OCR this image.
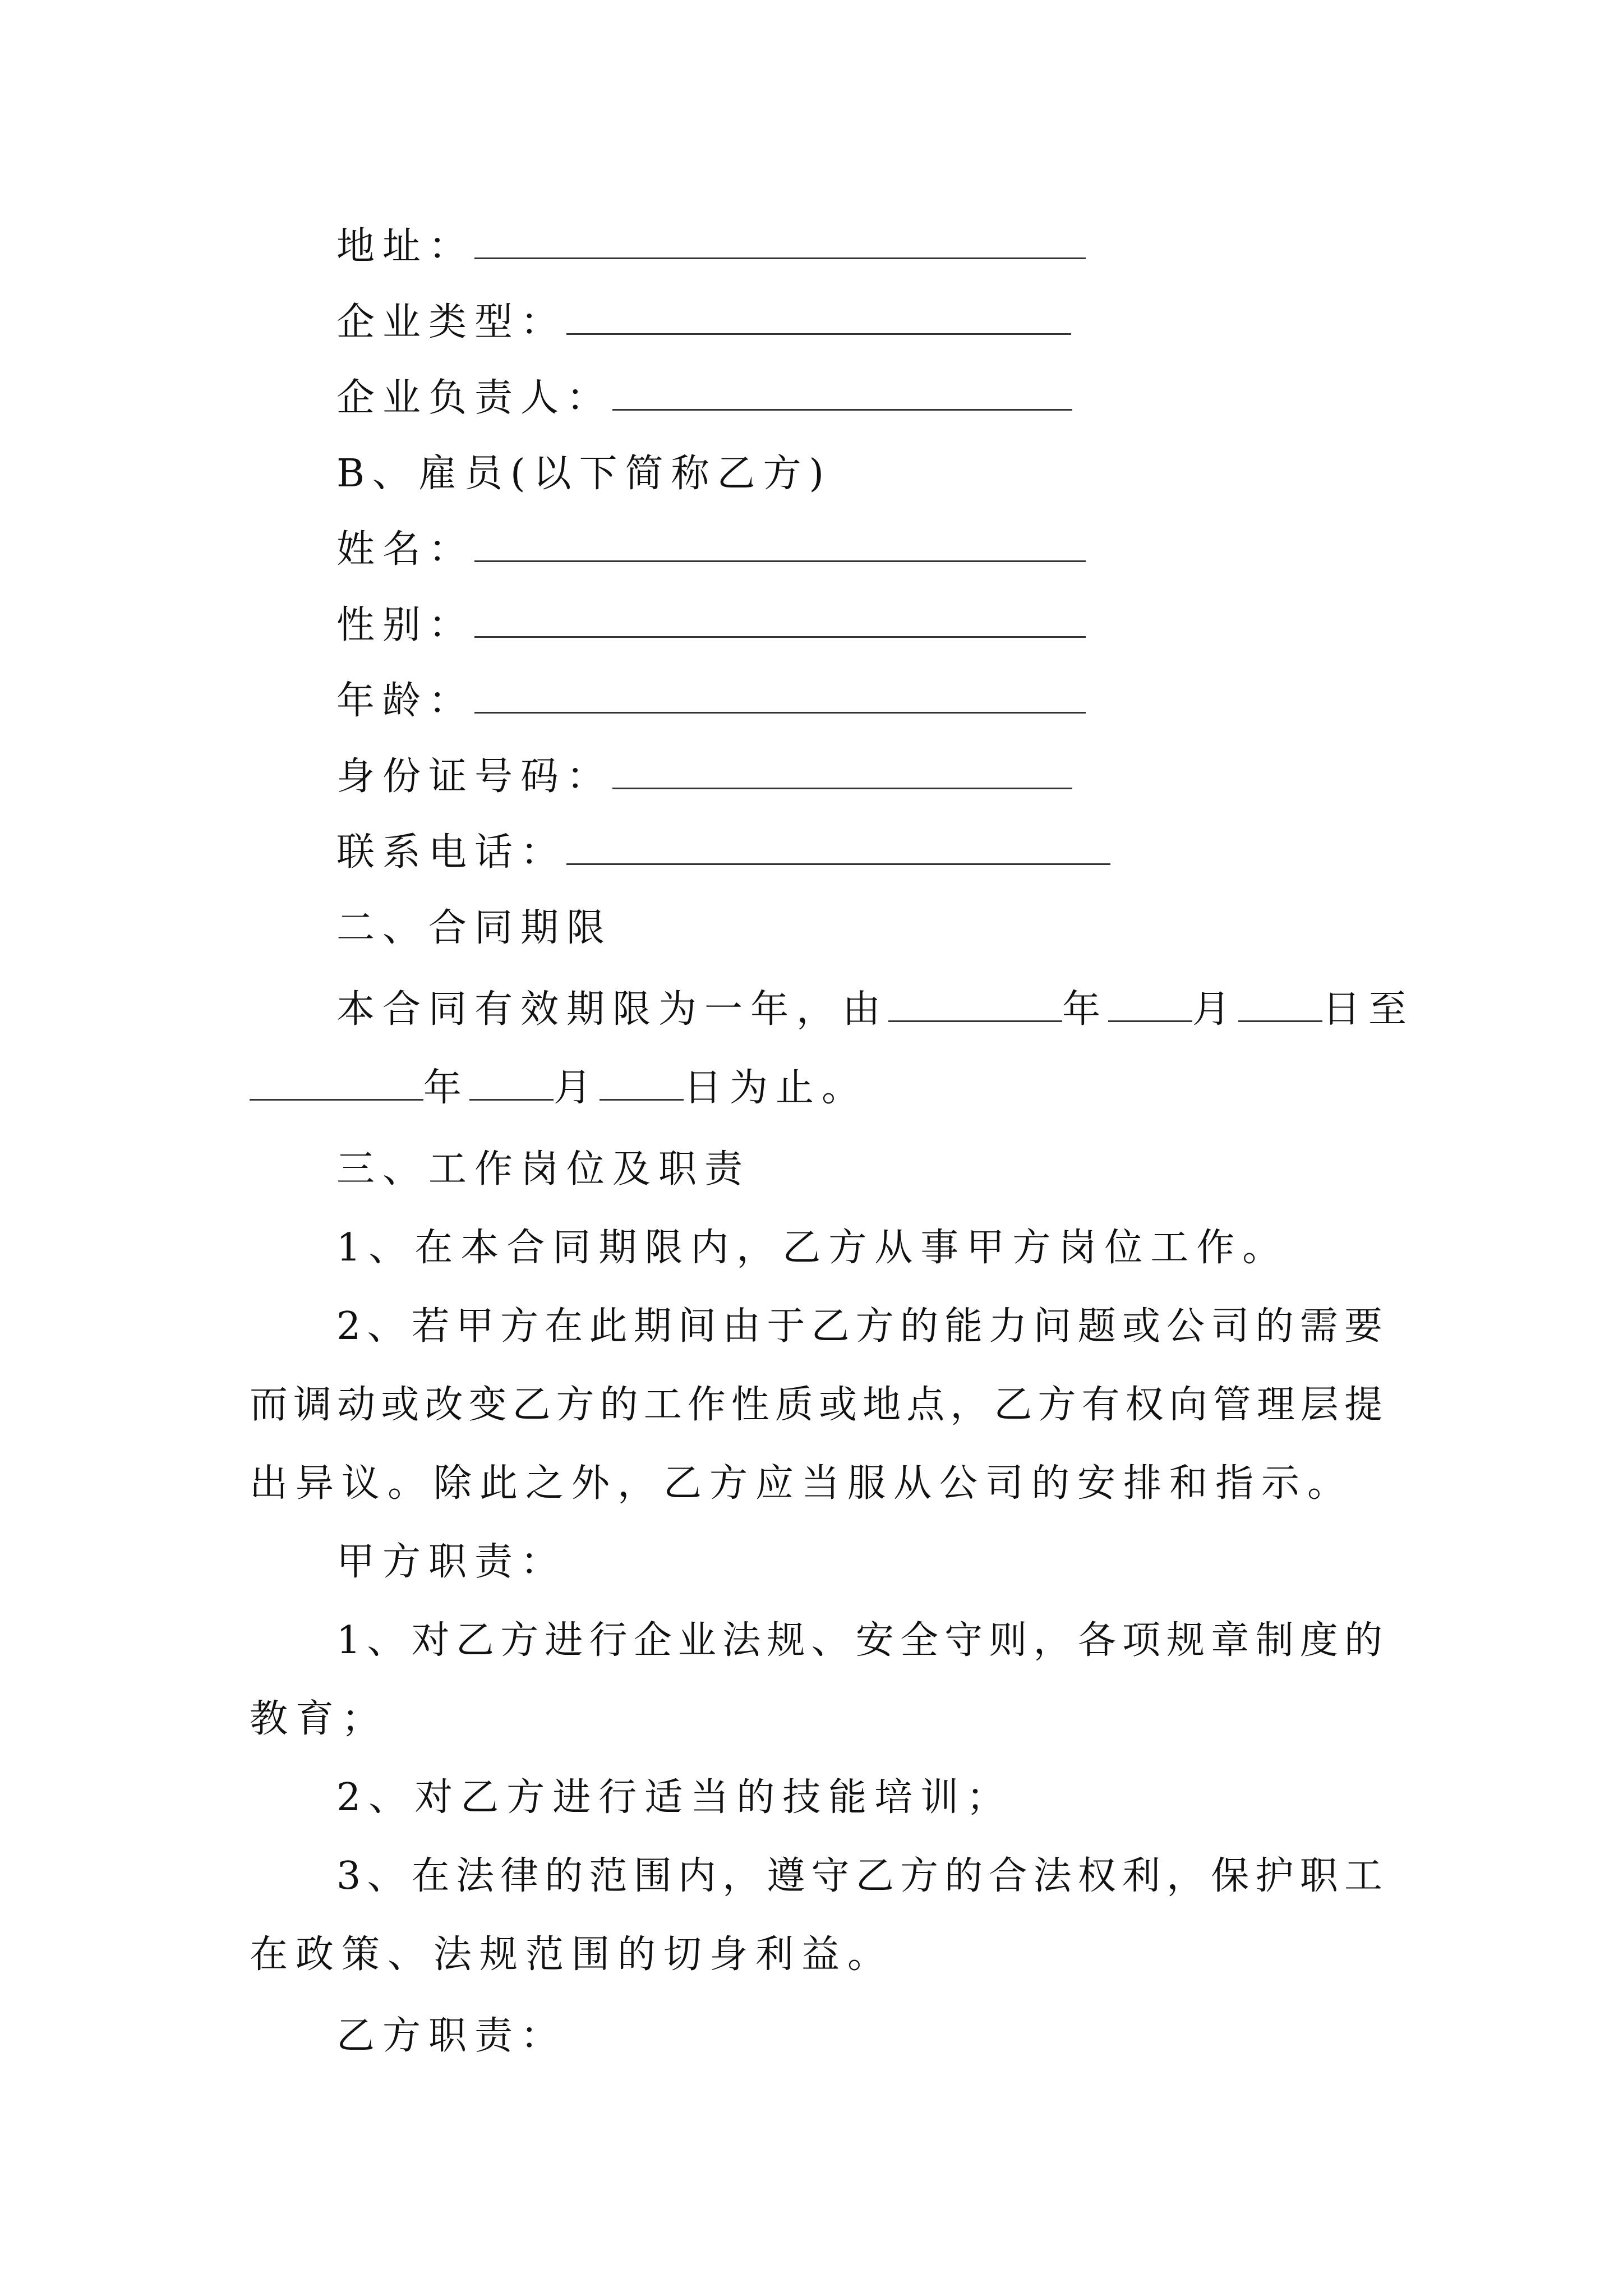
地址：
企业类型：
企业负责人：
B、雇员(以下简称乙方)
姓名：
性别：
年龄：
身份证号码：
联系电话：
二、合同期限
本合同有效期限为一年，由	年 月 日至
年 月 日为止。
三、工作岗位及职责
1、在本合同期限内，乙方从事甲方岗位工作。
2、若甲方在此期间由于乙方的能力问题或公司的需要
而调动或改变乙方的工作性质或地点，乙方有权向管理层提
出异议。除此之外，乙方应当服从公司的安排和指示。
甲方职责：
1、对乙方进行企业法规、安全守则，各项规章制度的
教育；
2、对乙方进行适当的技能培训；
3、在法律的范围内，遵守乙方的合法权利，保护职工
在政策、法规范围的切身利益。
乙方职责：
